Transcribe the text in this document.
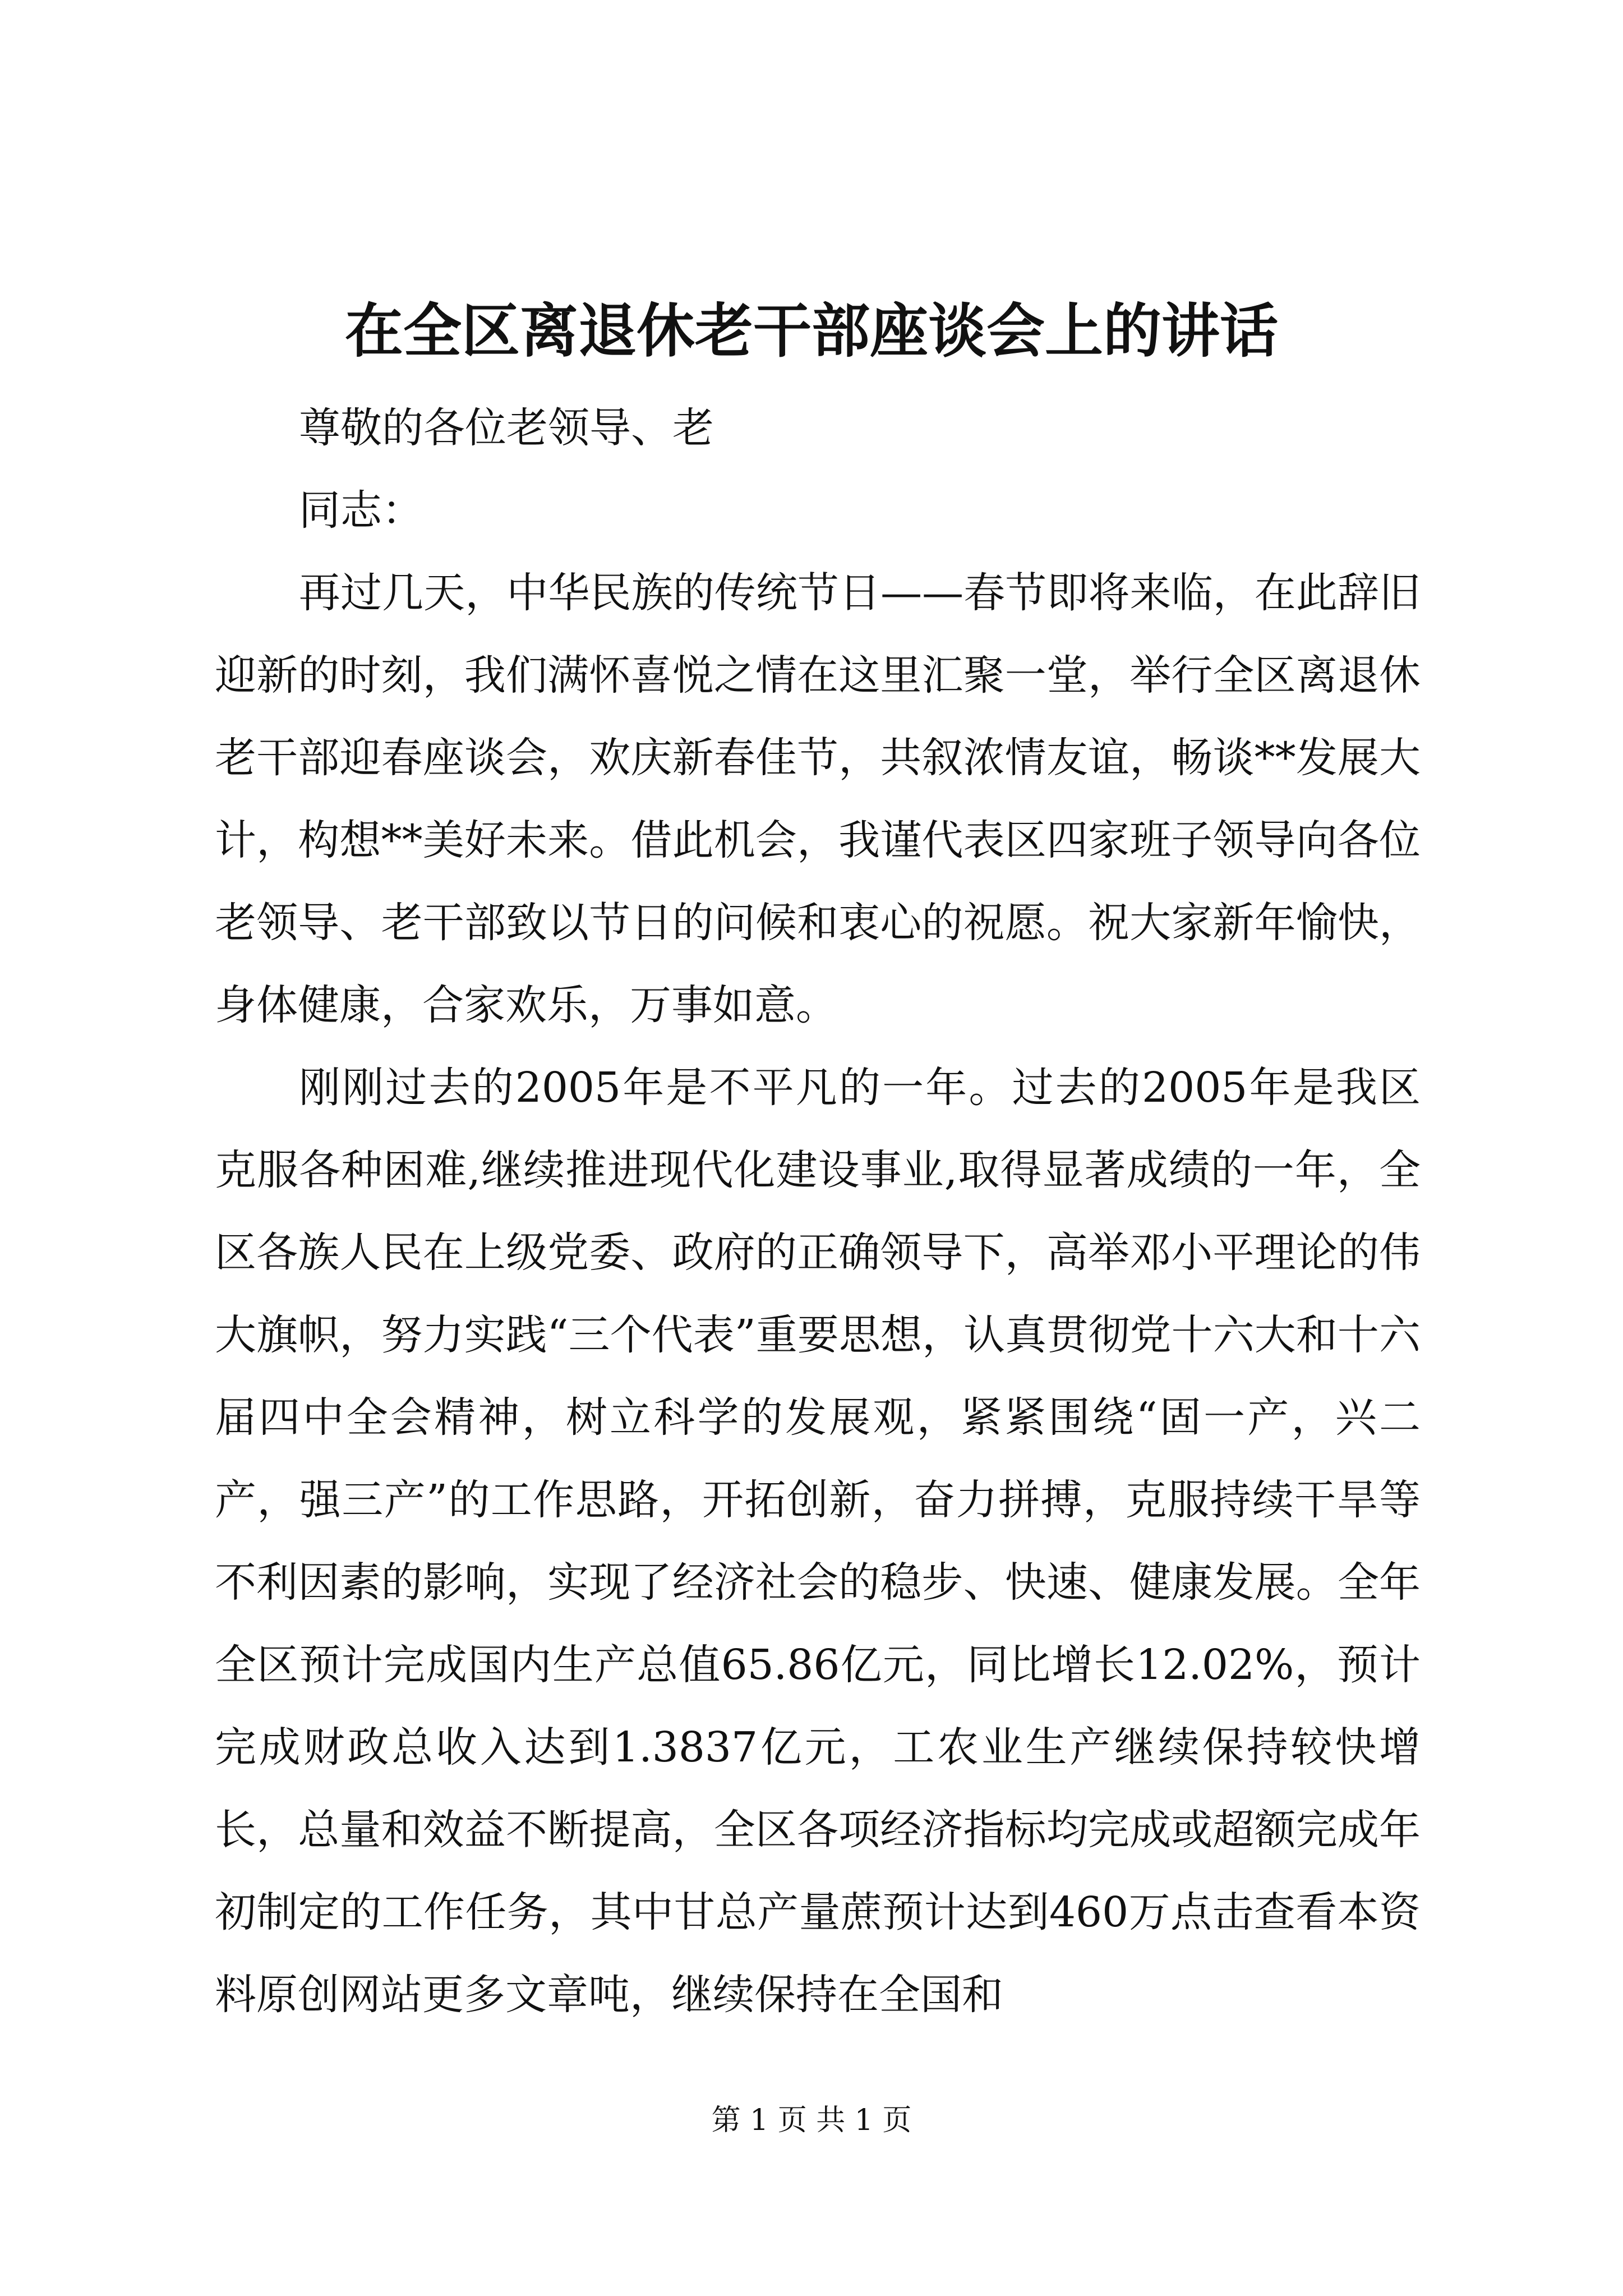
在全区离退休老干部座谈会上的讲话

尊敬的各位老领导、老

同志：

再过几天，中华民族的传统节日——春节即将来临，在此辞旧迎新的时刻，我们满怀喜悦之情在这里汇聚一堂，举行全区离退休老干部迎春座谈会，欢庆新春佳节，共叙浓情友谊，畅谈**发展大计，构想**美好未来。借此机会，我谨代表区四家班子领导向各位老领导、老干部致以节日的问候和衷心的祝愿。祝大家新年愉快，身体健康，合家欢乐，万事如意。

刚刚过去的2005年是不平凡的一年。过去的2005年是我区克服各种困难,继续推进现代化建设事业,取得显著成绩的一年，全区各族人民在上级党委、政府的正确领导下，高举邓小平理论的伟大旗帜，努力实践“三个代表”重要思想，认真贯彻党十六大和十六届四中全会精神，树立科学的发展观，紧紧围绕“固一产，兴二产，强三产”的工作思路，开拓创新，奋力拼搏，克服持续干旱等不利因素的影响，实现了经济社会的稳步、快速、健康发展。全年全区预计完成国内生产总值65.86亿元，同比增长12.02%，预计完成财政总收入达到1.3837亿元，工农业生产继续保持较快增长，总量和效益不断提高，全区各项经济指标均完成或超额完成年初制定的工作任务，其中甘总产量蔗预计达到460万点击查看本资料原创网站更多文章吨，继续保持在全国和

第 1 页 共 1 页
